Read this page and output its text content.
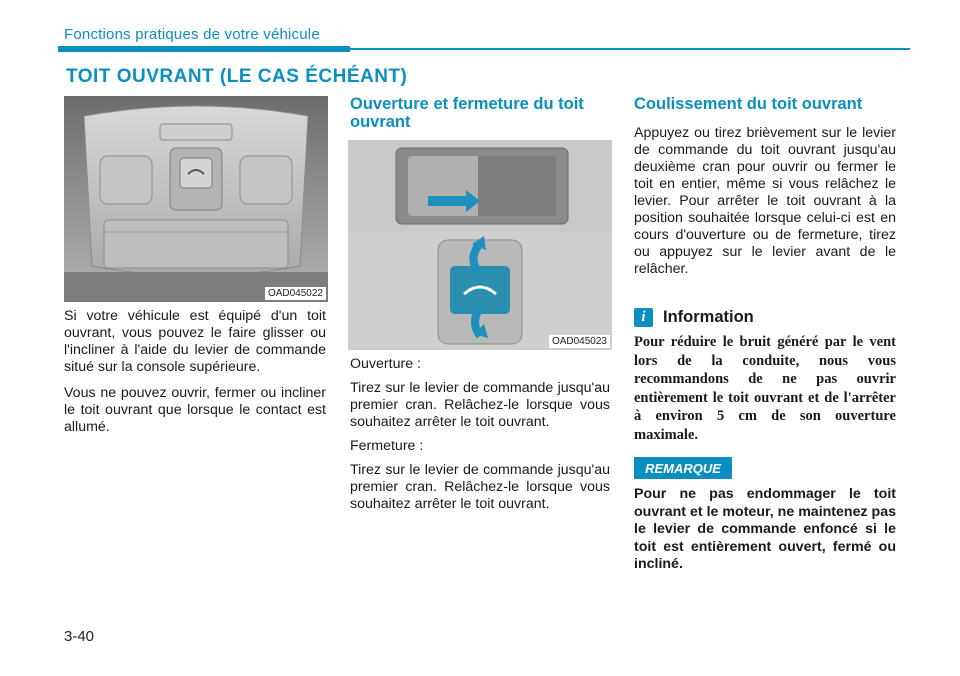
Fonctions pratiques de votre véhicule
TOIT OUVRANT (LE CAS ÉCHÉANT)
OAD045022

Si votre véhicule est équipé d'un toit ouvrant, vous pouvez le faire glisser ou l'incliner à l'aide du levier de commande situé sur la console supérieure.

Vous ne pouvez ouvrir, fermer ou incliner le toit ouvrant que lorsque le contact est allumé.

Ouverture et fermeture du toit ouvrant
OAD045023

Ouverture :

Tirez sur le levier de commande jusqu'au premier cran. Relâchez-le lorsque vous souhaitez arrêter le toit ouvrant.

Fermeture :

Tirez sur le levier de commande jusqu'au premier cran. Relâchez-le lorsque vous souhaitez arrêter le toit ouvrant.

Coulissement du toit ouvrant

Appuyez ou tirez brièvement sur le levier de commande du toit ouvrant jusqu'au deuxième cran pour ouvrir ou fermer le toit en entier, même si vous relâchez le levier. Pour arrêter le toit ouvrant à la position souhaitée lorsque celui-ci est en cours d'ouverture ou de fermeture, tirez ou appuyez sur le levier avant de le relâcher.

i	Information

Pour réduire le bruit généré par le vent lors de la conduite, nous vous recommandons de ne pas ouvrir entièrement le toit ouvrant et de l'arrêter à environ 5 cm de son ouverture maximale.

REMARQUE

Pour ne pas endommager le toit ouvrant et le moteur, ne maintenez pas le levier de commande enfoncé si le toit est entièrement ouvert, fermé ou incliné.

3-40
